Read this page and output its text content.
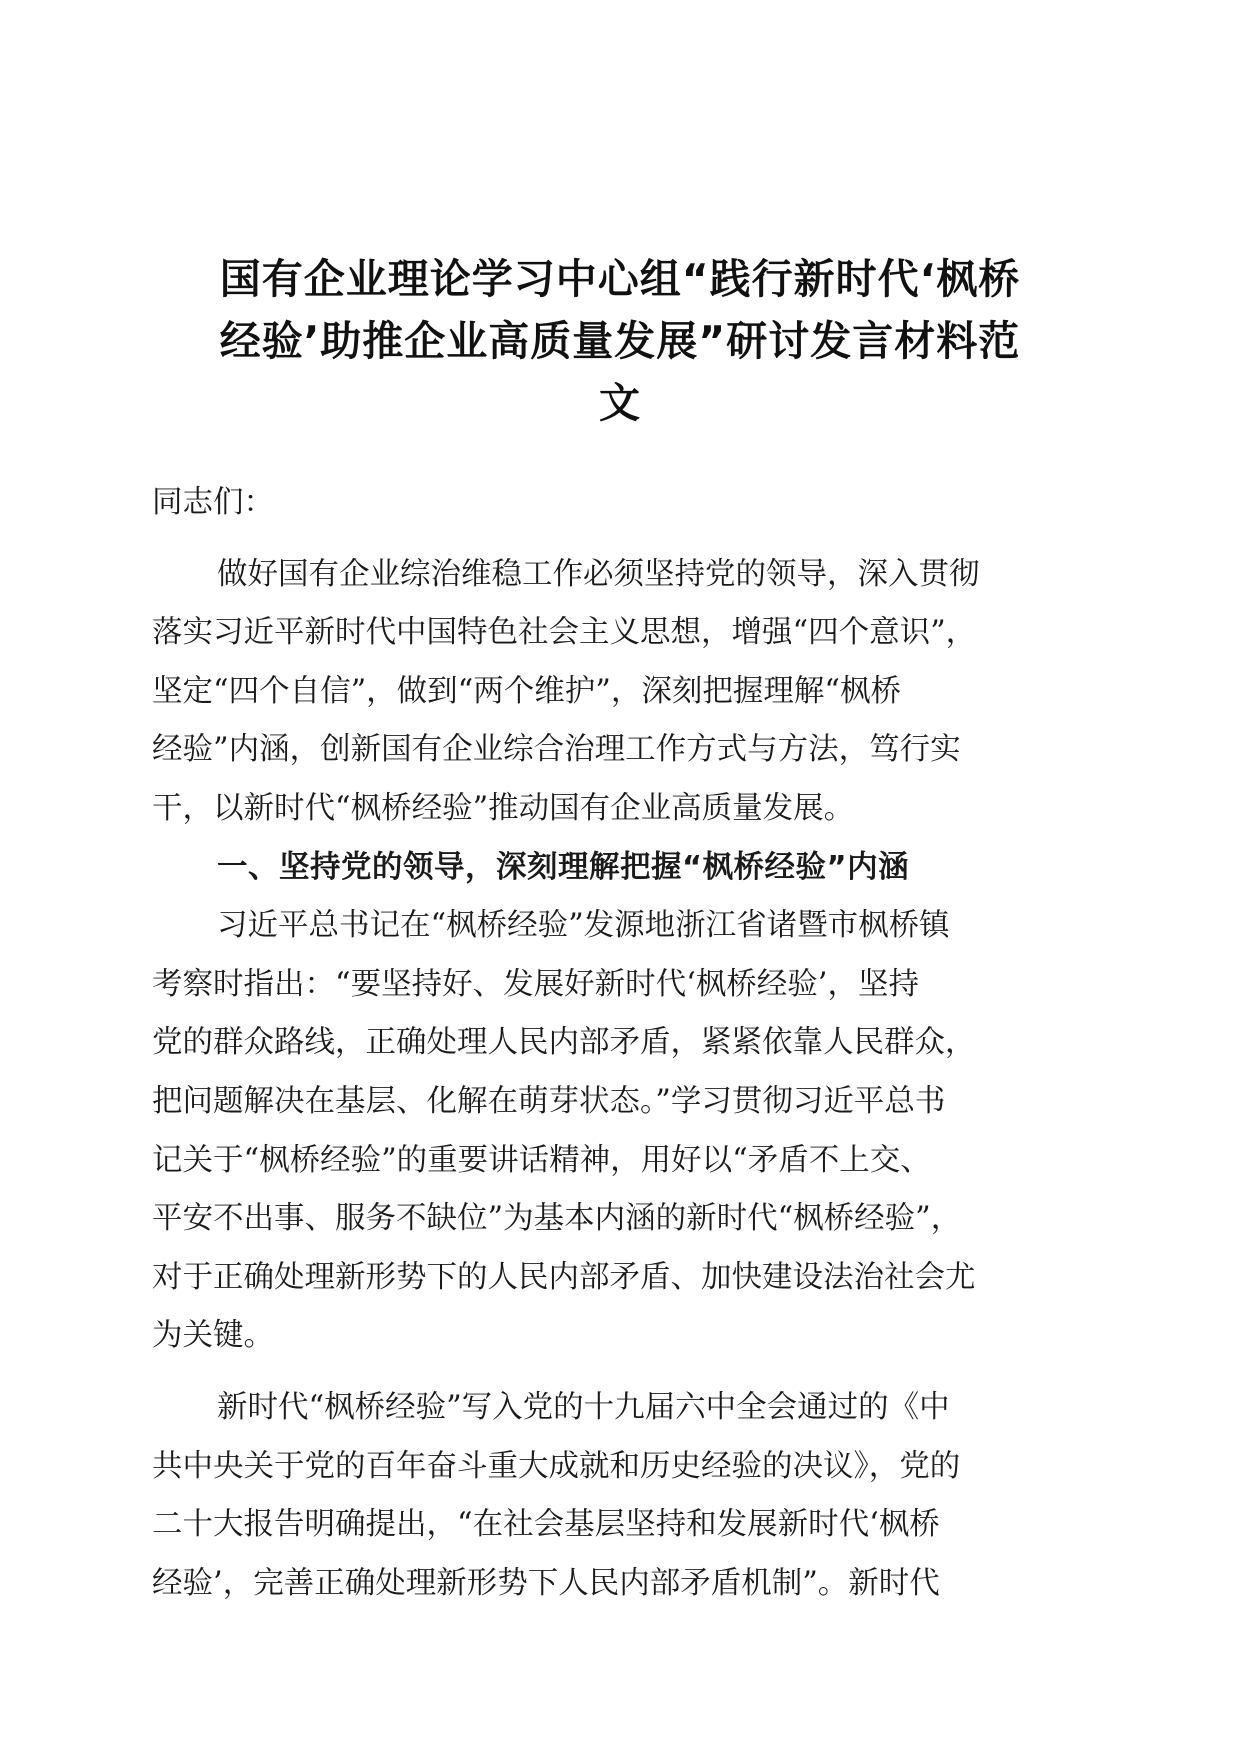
国有企业理论学习中心组“践行新时代‘枫桥
经验’助推企业高质量发展”研讨发言材料范
文

同志们：

做好国有企业综治维稳工作必须坚持党的领导，深入贯彻

落实习近平新时代中国特色社会主义思想，增强“四个意识”，

坚定“四个自信”，做到“两个维护”，深刻把握理解“枫桥

经验”内涵，创新国有企业综合治理工作方式与方法，笃行实

干，以新时代“枫桥经验”推动国有企业高质量发展。

一、坚持党的领导，深刻理解把握“枫桥经验”内涵

习近平总书记在“枫桥经验”发源地浙江省诸暨市枫桥镇

考察时指出：“要坚持好、发展好新时代‘枫桥经验’，坚持

党的群众路线，正确处理人民内部矛盾，紧紧依靠人民群众，

把问题解决在基层、化解在萌芽状态。”学习贯彻习近平总书

记关于“枫桥经验”的重要讲话精神，用好以“矛盾不上交、

平安不出事、服务不缺位”为基本内涵的新时代“枫桥经验”，

对于正确处理新形势下的人民内部矛盾、加快建设法治社会尤

为关键。

新时代“枫桥经验”写入党的十九届六中全会通过的《中

共中央关于党的百年奋斗重大成就和历史经验的决议》，党的

二十大报告明确提出，“在社会基层坚持和发展新时代‘枫桥

经验’，完善正确处理新形势下人民内部矛盾机制”。新时代
